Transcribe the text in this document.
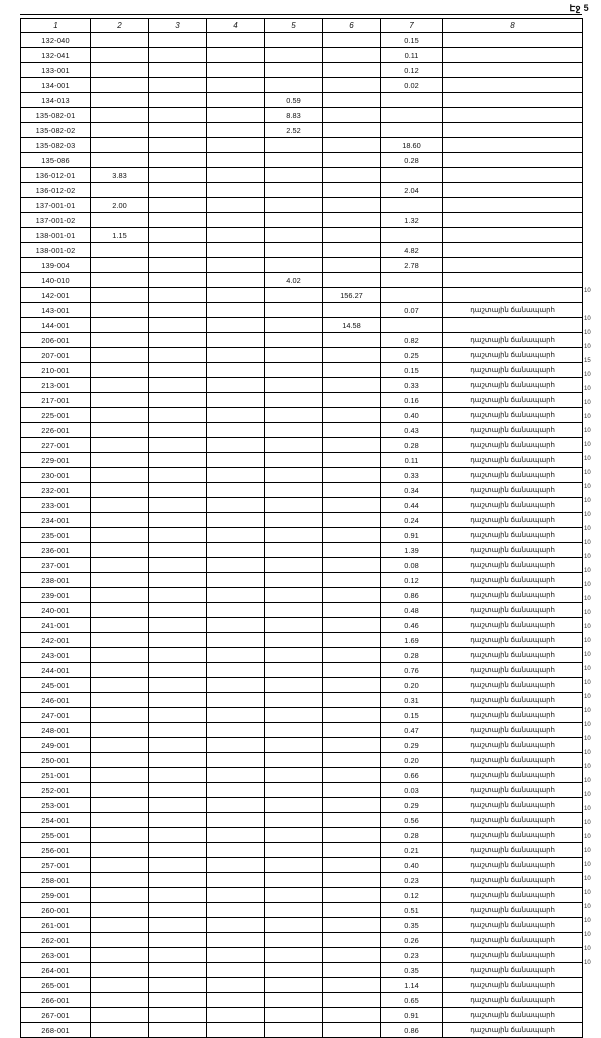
Էջ 5
1	2	3	4	5	6	7	8
132-040						0.15	
132-041						0.11	
133-001						0.12	
134-001						0.02	
134-013				0.59			
135-082-01				8.83			
135-082-02				2.52			
135-082-03						18.60	
135-086						0.28	
136-012-01	3.83						
136-012-02						2.04	
137-001-01	2.00						
137-001-02						1.32	
138-001-01	1.15						
138-001-02						4.82	
139-004						2.78	
140-010				4.02			
142-001					156.27		
143-001						0.07	դաշտային ճանապարհ
144-001					14.58		
206-001						0.82	դաշտային ճանապարհ
207-001						0.25	դաշտային ճանապարհ
210-001						0.15	դաշտային ճանապարհ
213-001						0.33	դաշտային ճանապարհ
217-001						0.16	դաշտային ճանապարհ
225-001						0.40	դաշտային ճանապարհ
226-001						0.43	դաշտային ճանապարհ
227-001						0.28	դաշտային ճանապարհ
229-001						0.11	դաշտային ճանապարհ
230-001						0.33	դաշտային ճանապարհ
232-001						0.34	դաշտային ճանապարհ
233-001						0.44	դաշտային ճանապարհ
234-001						0.24	դաշտային ճանապարհ
235-001						0.91	դաշտային ճանապարհ
236-001						1.39	դաշտային ճանապարհ
237-001						0.08	դաշտային ճանապարհ
238-001						0.12	դաշտային ճանապարհ
239-001						0.86	դաշտային ճանապարհ
240-001						0.48	դաշտային ճանապարհ
241-001						0.46	դաշտային ճանապարհ
242-001						1.69	դաշտային ճանապարհ
243-001						0.28	դաշտային ճանապարհ
244-001						0.76	դաշտային ճանապարհ
245-001						0.20	դաշտային ճանապարհ
246-001						0.31	դաշտային ճանապարհ
247-001						0.15	դաշտային ճանապարհ
248-001						0.47	դաշտային ճանապարհ
249-001						0.29	դաշտային ճանապարհ
250-001						0.20	դաշտային ճանապարհ
251-001						0.66	դաշտային ճանապարհ
252-001						0.03	դաշտային ճանապարհ
253-001						0.29	դաշտային ճանապարհ
254-001						0.56	դաշտային ճանապարհ
255-001						0.28	դաշտային ճանապարհ
256-001						0.21	դաշտային ճանապարհ
257-001						0.40	դաշտային ճանապարհ
258-001						0.23	դաշտային ճանապարհ
259-001						0.12	դաշտային ճանապարհ
260-001						0.51	դաշտային ճանապարհ
261-001						0.35	դաշտային ճանապարհ
262-001						0.26	դաշտային ճանապարհ
263-001						0.23	դաշտային ճանապարհ
264-001						0.35	դաշտային ճանապարհ
265-001						1.14	դաշտային ճանապարհ
266-001						0.65	դաշտային ճանապարհ
267-001						0.91	դաշտային ճանապարհ
268-001						0.86	դաշտային ճանապարհ
10
10
10
10
15
10
10
10
10
10
10
10
10
10
10
10
10
10
10
10
10
10
10
10
10
10
10
10
10
10
10
10
10
10
10
10
10
10
10
10
10
10
10
10
10
10
10
10
